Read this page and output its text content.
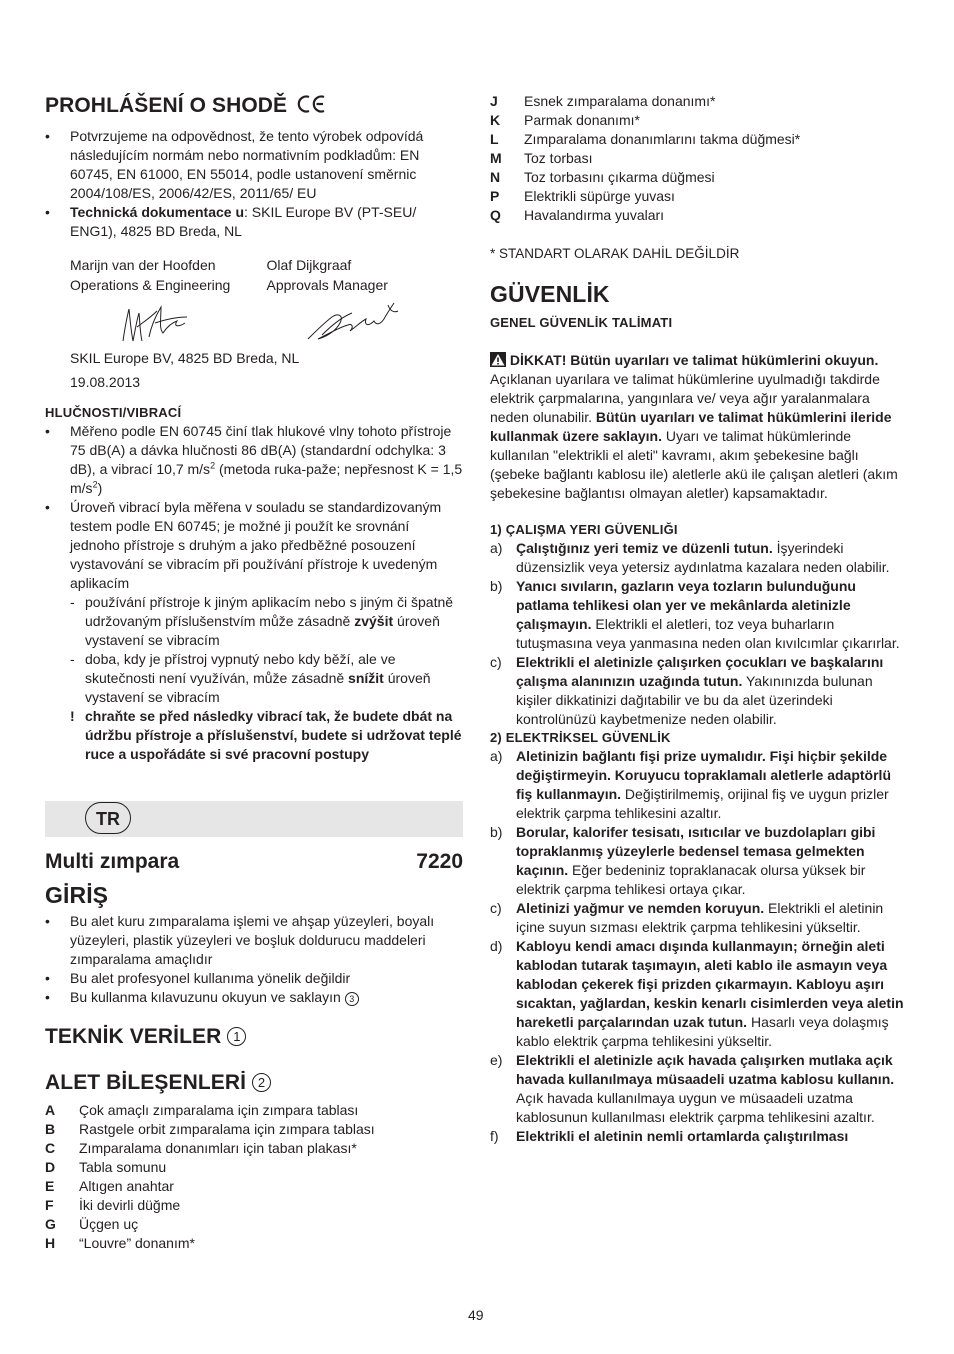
PROHLÁŠENÍ O SHODĚ
• Potvrzujeme na odpovědnost, že tento výrobek odpovídá následujícím normám nebo normativním podkladům: EN 60745, EN 61000, EN 55014, podle ustanovení směrnic 2004/108/ES, 2006/42/ES, 2011/65/ EU
• Technická dokumentace u: SKIL Europe BV (PT-SEU/ ENG1), 4825 BD Breda, NL
Marijn van der Hoofden
Operations & Engineering
Olaf Dijkgraaf
Approvals Manager
SKIL Europe BV, 4825 BD Breda, NL
19.08.2013
HLUČNOSTI/VIBRACÍ
• Měřeno podle EN 60745 činí tlak hlukové vlny tohoto přístroje 75 dB(A) a dávka hlučnosti 86 dB(A) (standardní odchylka: 3 dB), a vibrací 10,7 $m/s^2$ (metoda ruka-paže; nepřesnost K = 1,5 $m/s^2$)
• Úroveň vibrací byla měřena v souladu se standardizovaným testem podle EN 60745; je možné ji použít ke srovnání jednoho přístroje s druhým a jako předběžné posouzení vystavování se vibracím při používání přístroje k uvedeným aplikacím
- používání přístroje k jiným aplikacím nebo s jiným či špatně udržovaným příslušenstvím může zásadně zvýšit úroveň vystavení se vibracím
- doba, kdy je přístroj vypnutý nebo kdy běží, ale ve skutečnosti není využíván, může zásadně snížit úroveň vystavení se vibracím
! chraňte se před následky vibrací tak, že budete dbát na údržbu přístroje a příslušenství, budete si udržovat teplé ruce a uspořádáte si své pracovní postupy
TR
Multi zımpara	7220
GİRİŞ
• Bu alet kuru zımparalama işlemi ve ahşap yüzeyleri, boyalı yüzeyleri, plastik yüzeyleri ve boşluk doldurucu maddeleri zımparalama amaçlıdır
• Bu alet profesyonel kullanıma yönelik değildir
• Bu kullanma kılavuzunu okuyun ve saklayın 3
TEKNİK VERİLER 1
ALET BİLEŞENLERİ 2
A Çok amaçlı zımparalama için zımpara tablası
B Rastgele orbit zımparalama için zımpara tablası
C Zımparalama donanımları için taban plakası*
D Tabla somunu
E Altıgen anahtar
F İki devirli düğme
G Üçgen uç
H “Louvre” donanım*
J Esnek zımparalama donanımı*
K Parmak donanımı*
L Zımparalama donanımlarını takma düğmesi*
M Toz torbası
N Toz torbasını çıkarma düğmesi
P Elektrikli süpürge yuvası
Q Havalandırma yuvaları
* STANDART OLARAK DAHİL DEĞİLDİR
GÜVENLİK
GENEL GÜVENLİK TALİMATI
DİKKAT! Bütün uyarıları ve talimat hükümlerini okuyun. Açıklanan uyarılara ve talimat hükümlerine uyulmadığı takdirde elektrik çarpmalarına, yangınlara ve/ veya ağır yaralanmalara neden olunabilir. Bütün uyarıları ve talimat hükümlerini ileride kullanmak üzere saklayın. Uyarı ve talimat hükümlerinde kullanılan "elektrikli el aleti" kavramı, akım şebekesine bağlı (şebeke bağlantı kablosu ile) aletlerle akü ile çalışan aletleri (akım şebekesine bağlantısı olmayan aletler) kapsamaktadır.
1) ÇALIŞMA YERI GÜVENLIĞI
a) Çalıştığınız yeri temiz ve düzenli tutun. İşyerindeki düzensizlik veya yetersiz aydınlatma kazalara neden olabilir.
b) Yanıcı sıvıların, gazların veya tozların bulunduğunu patlama tehlikesi olan yer ve mekânlarda aletinizle çalışmayın. Elektrikli el aletleri, toz veya buharların tutuşmasına veya yanmasına neden olan kıvılcımlar çıkarırlar.
c) Elektrikli el aletinizle çalışırken çocukları ve başkalarını çalışma alanınızın uzağında tutun. Yakınınızda bulunan kişiler dikkatinizi dağıtabilir ve bu da alet üzerindeki kontrolünüzü kaybetmenize neden olabilir.
2) ELEKTRİKSEL GÜVENLİK
a) Aletinizin bağlantı fişi prize uymalıdır. Fişi hiçbir şekilde değiştirmeyin. Koruyucu topraklamalı aletlerle adaptörlü fiş kullanmayın. Değiştirilmemiş, orijinal fiş ve uygun prizler elektrik çarpma tehlikesini azaltır.
b) Borular, kalorifer tesisatı, ısıtıcılar ve buzdolapları gibi topraklanmış yüzeylerle bedensel temasa gelmekten kaçının. Eğer bedeniniz topraklanacak olursa yüksek bir elektrik çarpma tehlikesi ortaya çıkar.
c) Aletinizi yağmur ve nemden koruyun. Elektrikli el aletinin içine suyun sızması elektrik çarpma tehlikesini yükseltir.
d) Kabloyu kendi amacı dışında kullanmayın; örneğin aleti kablodan tutarak taşımayın, aleti kablo ile asmayın veya kablodan çekerek fişi prizden çıkarmayın. Kabloyu aşırı sıcaktan, yağlardan, keskin kenarlı cisimlerden veya aletin hareketli parçalarından uzak tutun. Hasarlı veya dolaşmış kablo elektrik çarpma tehlikesini yükseltir.
e) Elektrikli el aletinizle açık havada çalışırken mutlaka açık havada kullanılmaya müsaadeli uzatma kablosu kullanın. Açık havada kullanılmaya uygun ve müsaadeli uzatma kablosunun kullanılması elektrik çarpma tehlikesini azaltır.
f) Elektrikli el aletinin nemli ortamlarda çalıştırılması
49
